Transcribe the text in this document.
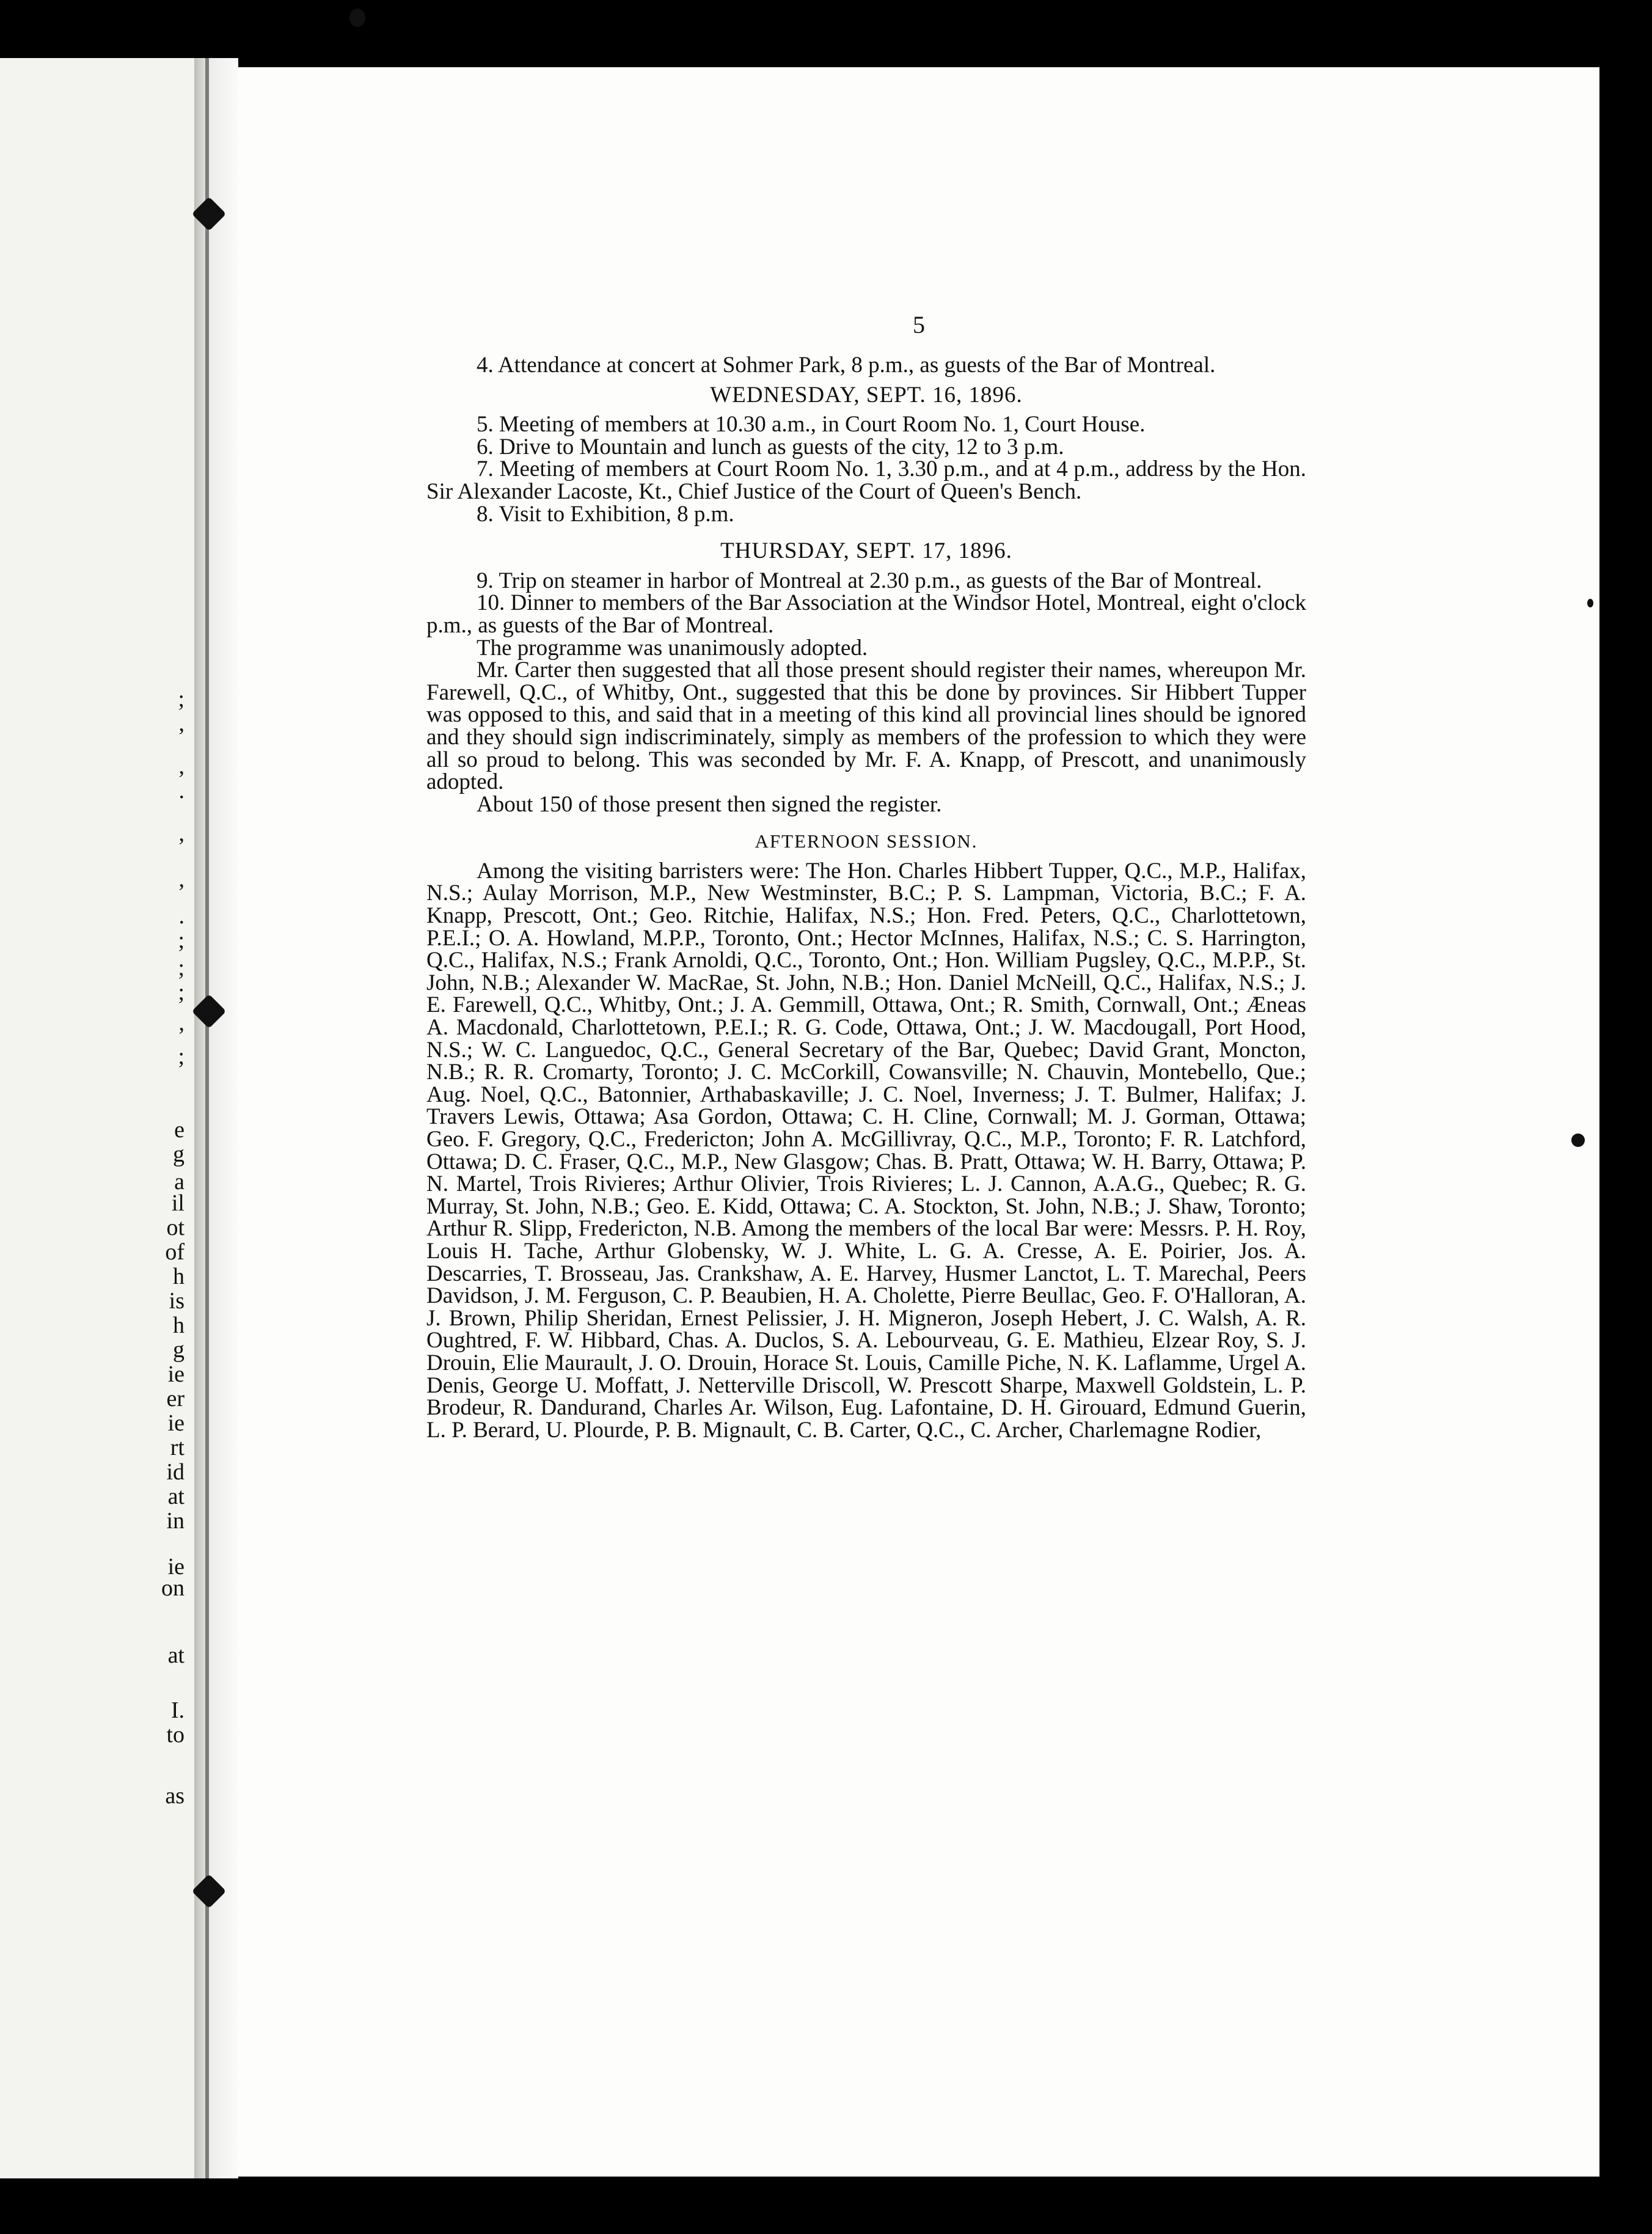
;
,
,
.
,
,
.
;
;
;
,
;
e
g
a
il
ot
of
h
is
h
g
ie
er
ie
rt
id
at
in
ie
on
at
I.
to
as
5

4. Attendance at concert at Sohmer Park, 8 p.m., as guests of the Bar of Montreal.

WEDNESDAY, SEPT. 16, 1896.

5. Meeting of members at 10.30 a.m., in Court Room No. 1, Court House.

6. Drive to Mountain and lunch as guests of the city, 12 to 3 p.m.

7. Meeting of members at Court Room No. 1, 3.30 p.m., and at 4 p.m., address by the Hon. Sir Alexander Lacoste, Kt., Chief Justice of the Court of Queen's Bench.

8. Visit to Exhibition, 8 p.m.

THURSDAY, SEPT. 17, 1896.

9. Trip on steamer in harbor of Montreal at 2.30 p.m., as guests of the Bar of Montreal.

10. Dinner to members of the Bar Association at the Windsor Hotel, Montreal, eight o'clock p.m., as guests of the Bar of Montreal.

The programme was unanimously adopted.

Mr. Carter then suggested that all those present should register their names, whereupon Mr. Farewell, Q.C., of Whitby, Ont., suggested that this be done by provinces. Sir Hibbert Tupper was opposed to this, and said that in a meeting of this kind all provincial lines should be ignored and they should sign indiscriminately, simply as members of the profession to which they were all so proud to belong. This was seconded by Mr. F. A. Knapp, of Prescott, and unanimously adopted.

About 150 of those present then signed the register.

AFTERNOON SESSION.

Among the visiting barristers were: The Hon. Charles Hibbert Tupper, Q.C., M.P., Halifax, N.S.; Aulay Morrison, M.P., New Westminster, B.C.; P. S. Lampman, Victoria, B.C.; F. A. Knapp, Prescott, Ont.; Geo. Ritchie, Halifax, N.S.; Hon. Fred. Peters, Q.C., Charlottetown, P.E.I.; O. A. Howland, M.P.P., Toronto, Ont.; Hector McInnes, Halifax, N.S.; C. S. Harrington, Q.C., Halifax, N.S.; Frank Arnoldi, Q.C., Toronto, Ont.; Hon. William Pugsley, Q.C., M.P.P., St. John, N.B.; Alexander W. MacRae, St. John, N.B.; Hon. Daniel McNeill, Q.C., Halifax, N.S.; J. E. Farewell, Q.C., Whitby, Ont.; J. A. Gemmill, Ottawa, Ont.; R. Smith, Cornwall, Ont.; Æneas A. Macdonald, Charlottetown, P.E.I.; R. G. Code, Ottawa, Ont.; J. W. Macdougall, Port Hood, N.S.; W. C. Languedoc, Q.C., General Secretary of the Bar, Quebec; David Grant, Moncton, N.B.; R. R. Cromarty, Toronto; J. C. McCorkill, Cowansville; N. Chauvin, Montebello, Que.; Aug. Noel, Q.C., Batonnier, Arthabaskaville; J. C. Noel, Inverness; J. T. Bulmer, Halifax; J. Travers Lewis, Ottawa; Asa Gordon, Ottawa; C. H. Cline, Cornwall; M. J. Gorman, Ottawa; Geo. F. Gregory, Q.C., Fredericton; John A. McGillivray, Q.C., M.P., Toronto; F. R. Latchford, Ottawa; D. C. Fraser, Q.C., M.P., New Glasgow; Chas. B. Pratt, Ottawa; W. H. Barry, Ottawa; P. N. Martel, Trois Rivieres; Arthur Olivier, Trois Rivieres; L. J. Cannon, A.A.G., Quebec; R. G. Murray, St. John, N.B.; Geo. E. Kidd, Ottawa; C. A. Stockton, St. John, N.B.; J. Shaw, Toronto; Arthur R. Slipp, Fredericton, N.B. Among the members of the local Bar were: Messrs. P. H. Roy, Louis H. Tache, Arthur Globensky, W. J. White, L. G. A. Cresse, A. E. Poirier, Jos. A. Descarries, T. Brosseau, Jas. Crankshaw, A. E. Harvey, Husmer Lanctot, L. T. Marechal, Peers Davidson, J. M. Ferguson, C. P. Beaubien, H. A. Cholette, Pierre Beullac, Geo. F. O'Halloran, A. J. Brown, Philip Sheridan, Ernest Pelissier, J. H. Migneron, Joseph Hebert, J. C. Walsh, A. R. Oughtred, F. W. Hibbard, Chas. A. Duclos, S. A. Lebourveau, G. E. Mathieu, Elzear Roy, S. J. Drouin, Elie Maurault, J. O. Drouin, Horace St. Louis, Camille Piche, N. K. Laflamme, Urgel A. Denis, George U. Moffatt, J. Netterville Driscoll, W. Prescott Sharpe, Maxwell Goldstein, L. P. Brodeur, R. Dandurand, Charles Ar. Wilson, Eug. Lafontaine, D. H. Girouard, Edmund Guerin, L. P. Berard, U. Plourde, P. B. Mignault, C. B. Carter, Q.C., C. Archer, Charlemagne Rodier,
